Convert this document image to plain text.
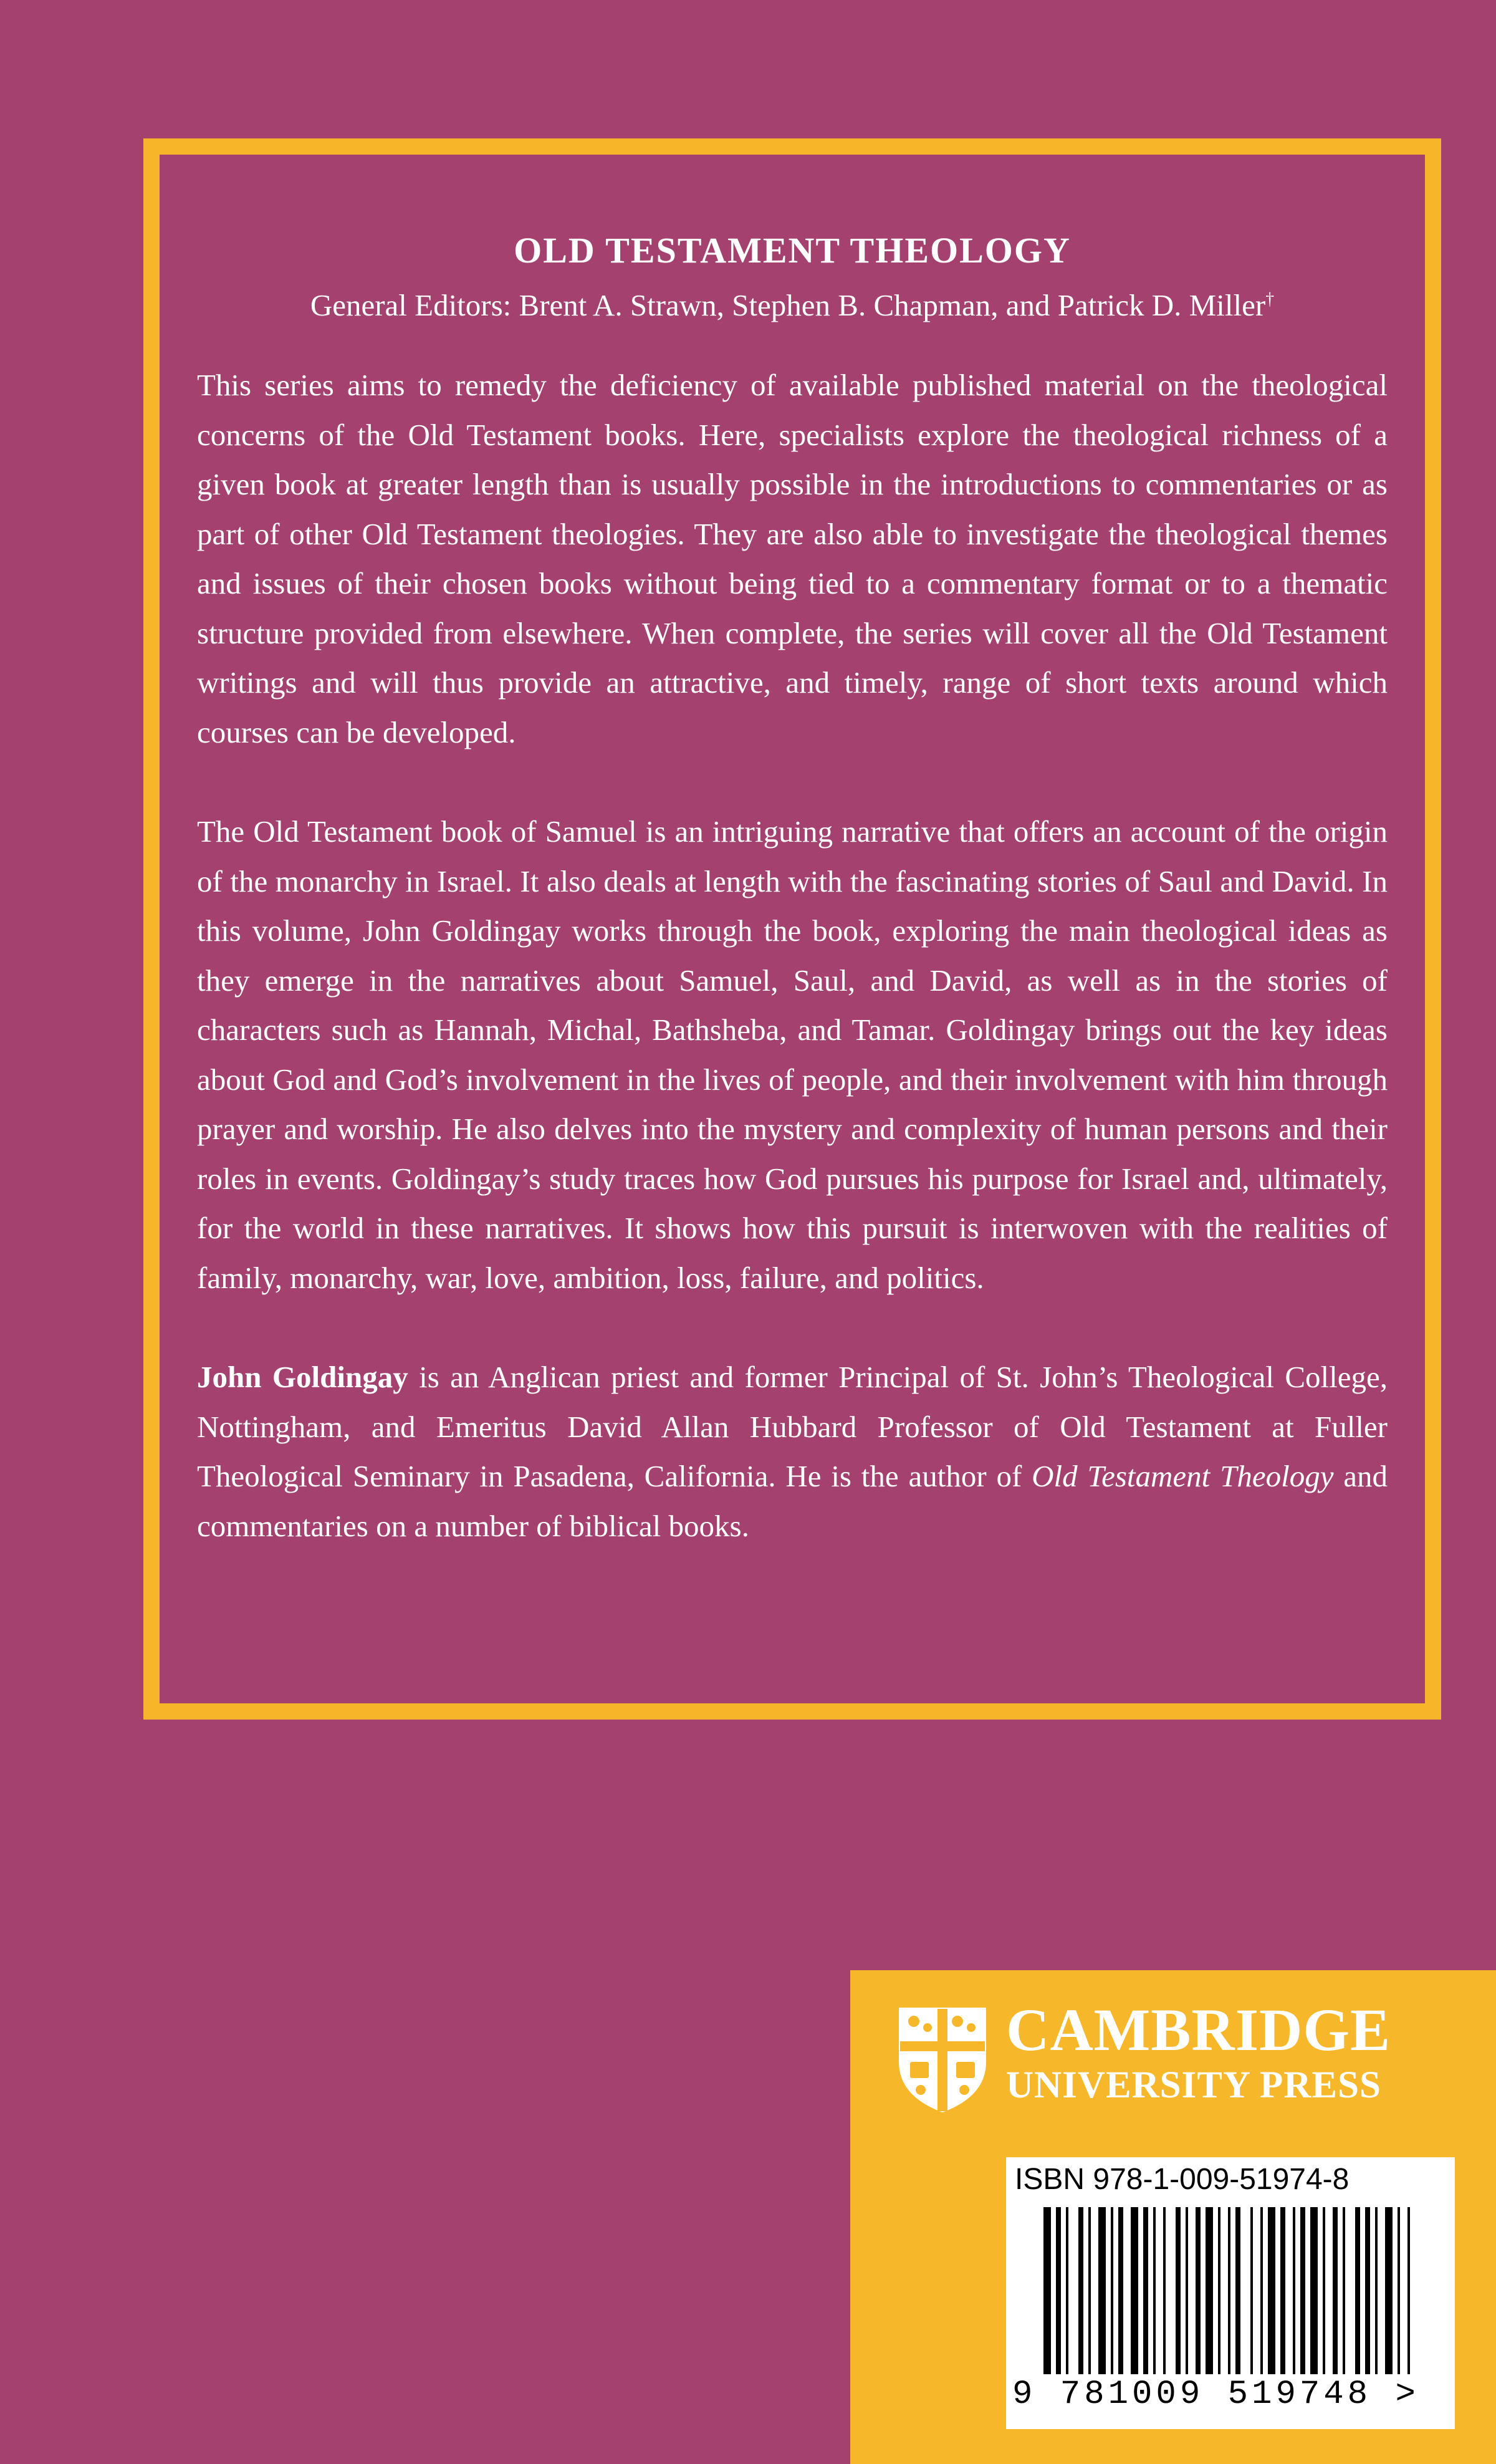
OLD TESTAMENT THEOLOGY

General Editors: Brent A. Strawn, Stephen B. Chapman, and Patrick D. Miller†

This series aims to remedy the deficiency of available published material on the theological concerns of the Old Testament books. Here, specialists explore the theological richness of a given book at greater length than is usually possible in the introductions to commentaries or as part of other Old Testament theologies. They are also able to investigate the theological themes and issues of their chosen books without being tied to a commentary format or to a thematic structure provided from elsewhere. When complete, the series will cover all the Old Testament writings and will thus provide an attractive, and timely, range of short texts around which courses can be developed.

The Old Testament book of Samuel is an intriguing narrative that offers an account of the origin of the monarchy in Israel. It also deals at length with the fascinating stories of Saul and David. In this volume, John Goldingay works through the book, exploring the main theological ideas as they emerge in the narratives about Samuel, Saul, and David, as well as in the stories of characters such as Hannah, Michal, Bathsheba, and Tamar. Goldingay brings out the key ideas about God and God’s involvement in the lives of people, and their involvement with him through prayer and worship. He also delves into the mystery and complexity of human persons and their roles in events. Goldingay’s study traces how God pursues his purpose for Israel and, ultimately, for the world in these narratives. It shows how this pursuit is interwoven with the realities of family, monarchy, war, love, ambition, loss, failure, and politics.

John Goldingay is an Anglican priest and former Principal of St. John’s Theological College, Nottingham, and Emeritus David Allan Hubbard Professor of Old Testament at Fuller Theological Seminary in Pasadena, California. He is the author of Old Testament Theology and commentaries on a number of biblical books.

CAMBRIDGE
UNIVERSITY PRESS
ISBN 978-1-009-51974-8
9 781009 519748 >
